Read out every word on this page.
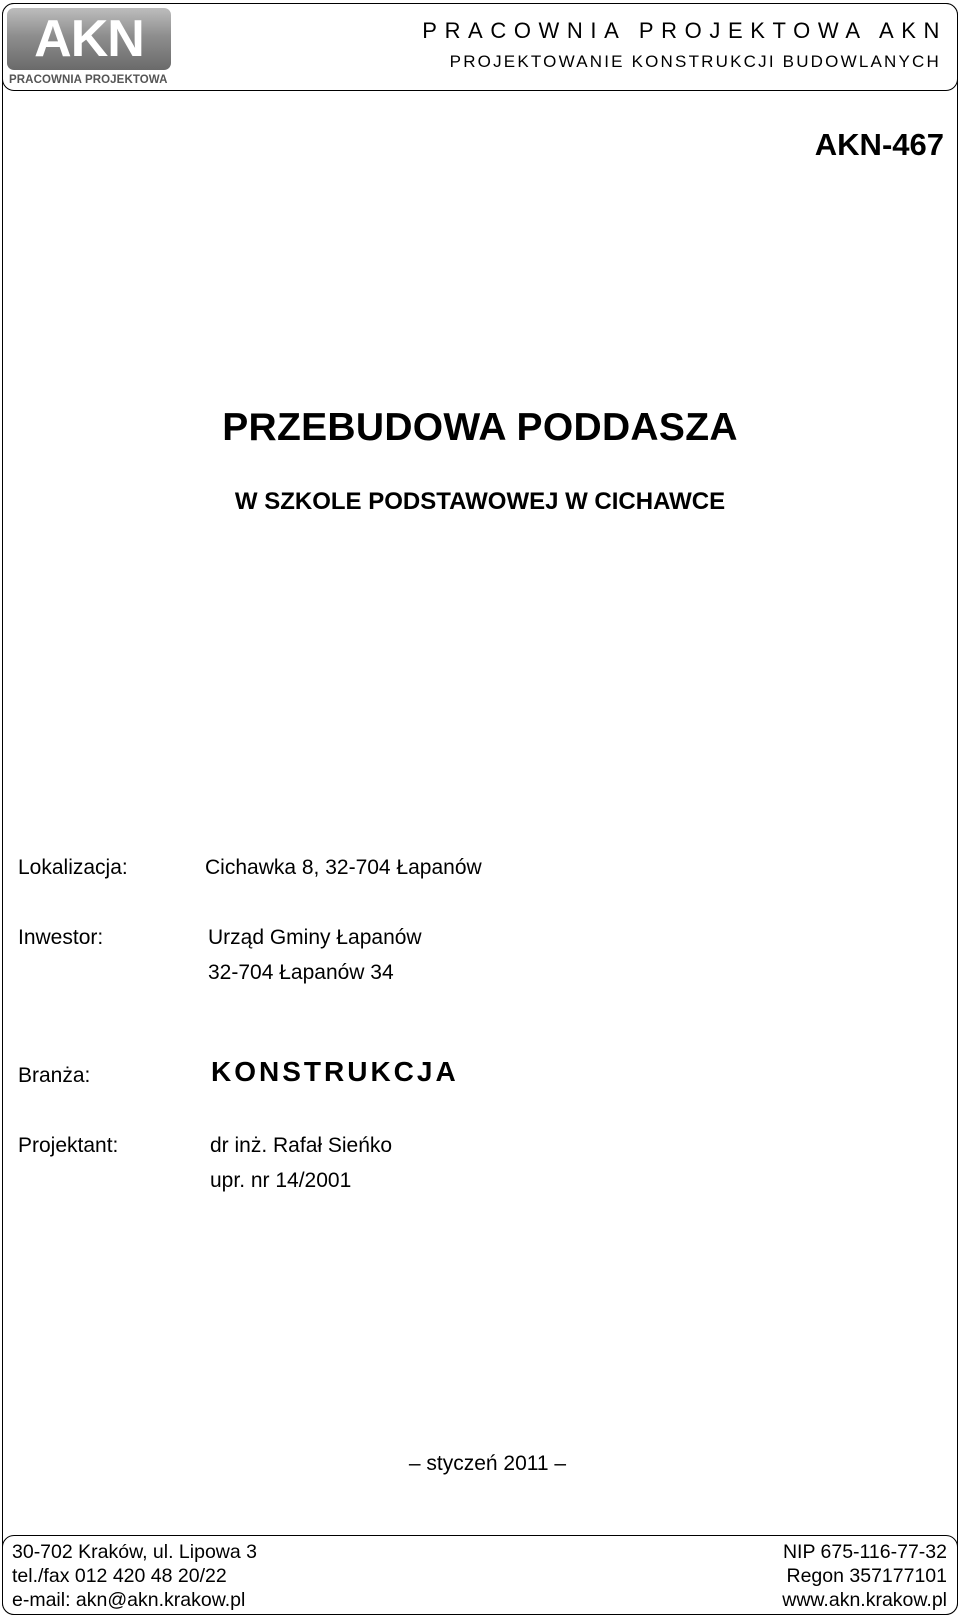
AKN
PRACOWNIA PROJEKTOWA
PRACOWNIA PROJEKTOWA AKN
PROJEKTOWANIE KONSTRUKCJI BUDOWLANYCH
AKN-467
PRZEBUDOWA PODDASZA
W SZKOLE PODSTAWOWEJ W CICHAWCE
Lokalizacja:	Cichawka 8, 32-704 Łapanów
Inwestor:	Urząd Gminy Łapanów
32-704 Łapanów 34
Branża:	KONSTRUKCJA
Projektant:	dr inż. Rafał Sieńko
upr. nr 14/2001
– styczeń 2011 –
30-702 Kraków, ul. Lipowa 3
tel./fax 012 420 48 20/22
e-mail: akn@akn.krakow.pl
NIP 675-116-77-32
Regon 357177101
www.akn.krakow.pl
